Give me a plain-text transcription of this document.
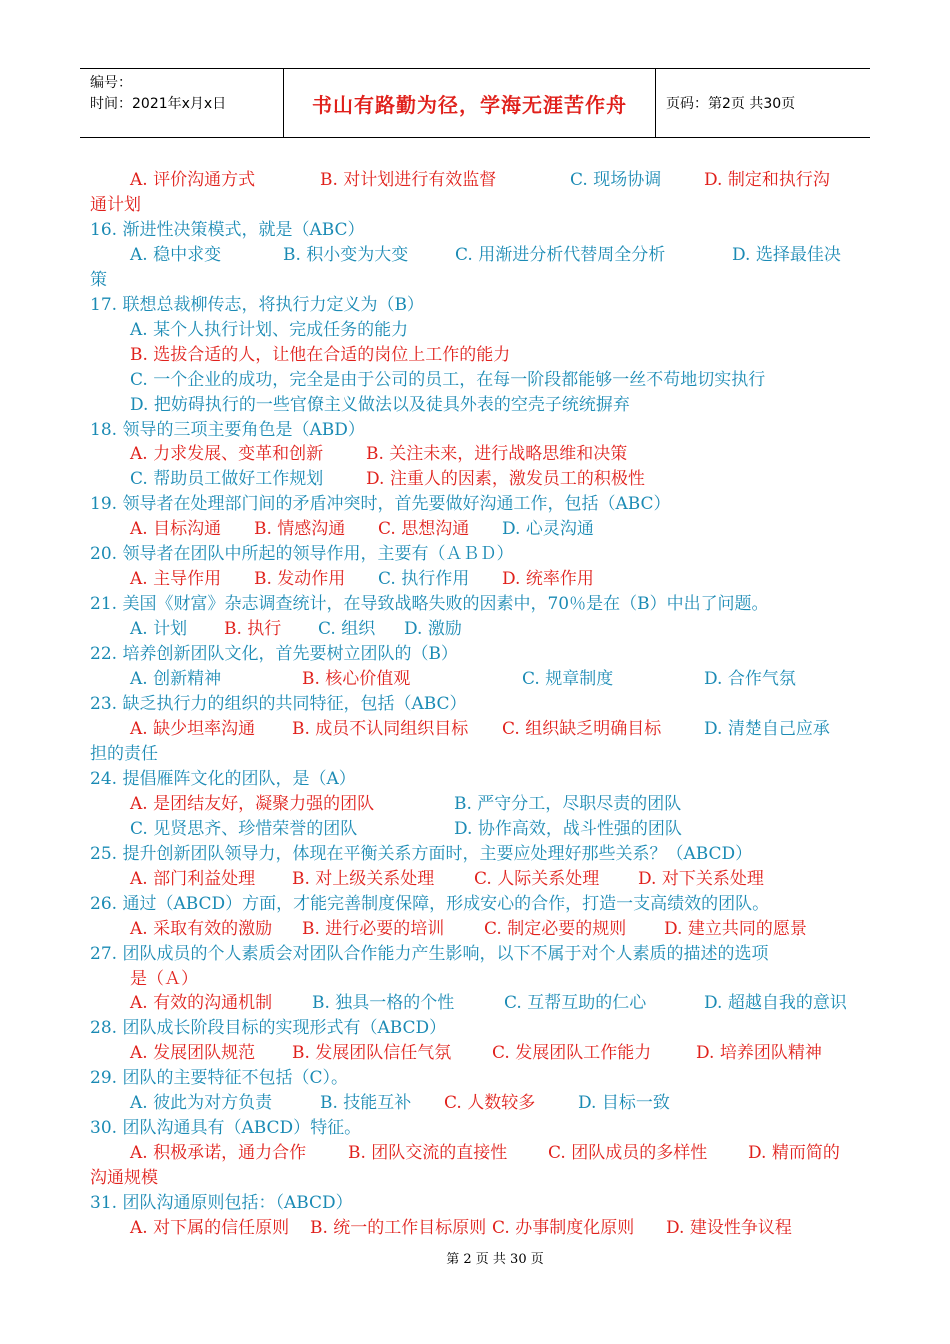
编号：
时间：2021年x月x日	书山有路勤为径，学海无涯苦作舟	页码：第2页 共30页
A. 评价沟通方式	B. 对计划进行有效监督	C. 现场协调	D. 制定和执行沟
通计划
16. 渐进性决策模式，就是（ABC）
A. 稳中求变	B. 积小变为大变	C. 用渐进分析代替周全分析	D. 选择最佳决
策
17. 联想总裁柳传志，将执行力定义为（B）
A. 某个人执行计划、完成任务的能力
B. 选拔合适的人，让他在合适的岗位上工作的能力
C. 一个企业的成功，完全是由于公司的员工，在每一阶段都能够一丝不苟地切实执行
D. 把妨碍执行的一些官僚主义做法以及徒具外表的空壳子统统摒弃
18. 领导的三项主要角色是（ABD）
A. 力求发展、变革和创新	B. 关注未来，进行战略思维和决策
C. 帮助员工做好工作规划	D. 注重人的因素，激发员工的积极性
19. 领导者在处理部门间的矛盾冲突时，首先要做好沟通工作，包括（ABC）
A. 目标沟通 B. 情感沟通 C. 思想沟通 D. 心灵沟通
20. 领导者在团队中所起的领导作用，主要有（ＡＢＤ）
A. 主导作用 B. 发动作用 C. 执行作用 D. 统率作用
21. 美国《财富》杂志调查统计，在导致战略失败的因素中，70％是在（B）中出了问题。
A. 计划 B. 执行 C. 组织 D. 激励
22. 培养创新团队文化，首先要树立团队的（B）
A. 创新精神	B. 核心价值观	C. 规章制度	D. 合作气氛
23. 缺乏执行力的组织的共同特征，包括（ABC）
A. 缺少坦率沟通 B. 成员不认同组织目标 C. 组织缺乏明确目标	D. 清楚自己应承
担的责任
24. 提倡雁阵文化的团队，是（A）
A. 是团结友好，凝聚力强的团队	B. 严守分工，尽职尽责的团队
C. 见贤思齐、珍惜荣誉的团队	D. 协作高效，战斗性强的团队
25. 提升创新团队领导力，体现在平衡关系方面时，主要应处理好那些关系？（ABCD）
A. 部门利益处理 B. 对上级关系处理 C. 人际关系处理 D. 对下关系处理
26. 通过（ABCD）方面，才能完善制度保障，形成安心的合作，打造一支高绩效的团队。
A. 采取有效的激励 B. 进行必要的培训 C. 制定必要的规则 D. 建立共同的愿景
27. 团队成员的个人素质会对团队合作能力产生影响，以下不属于对个人素质的描述的选项
是（Ａ）
A. 有效的沟通机制 B. 独具一格的个性	C. 互帮互助的仁心	D. 超越自我的意识
28. 团队成长阶段目标的实现形式有（ABCD）
A. 发展团队规范 B. 发展团队信任气氛 C. 发展团队工作能力	D. 培养团队精神
29. 团队的主要特征不包括（C）。
A. 彼此为对方负责	B. 技能互补 C. 人数较多	D. 目标一致
30. 团队沟通具有（ABCD）特征。
A. 积极承诺，通力合作 B. 团队交流的直接性 C. 团队成员的多样性 D. 精而简的
沟通规模
31. 团队沟通原则包括：（ABCD）
A. 对下属的信任原则 B. 统一的工作目标原则 C. 办事制度化原则 D. 建设性争议程
第 2 页 共 30 页
